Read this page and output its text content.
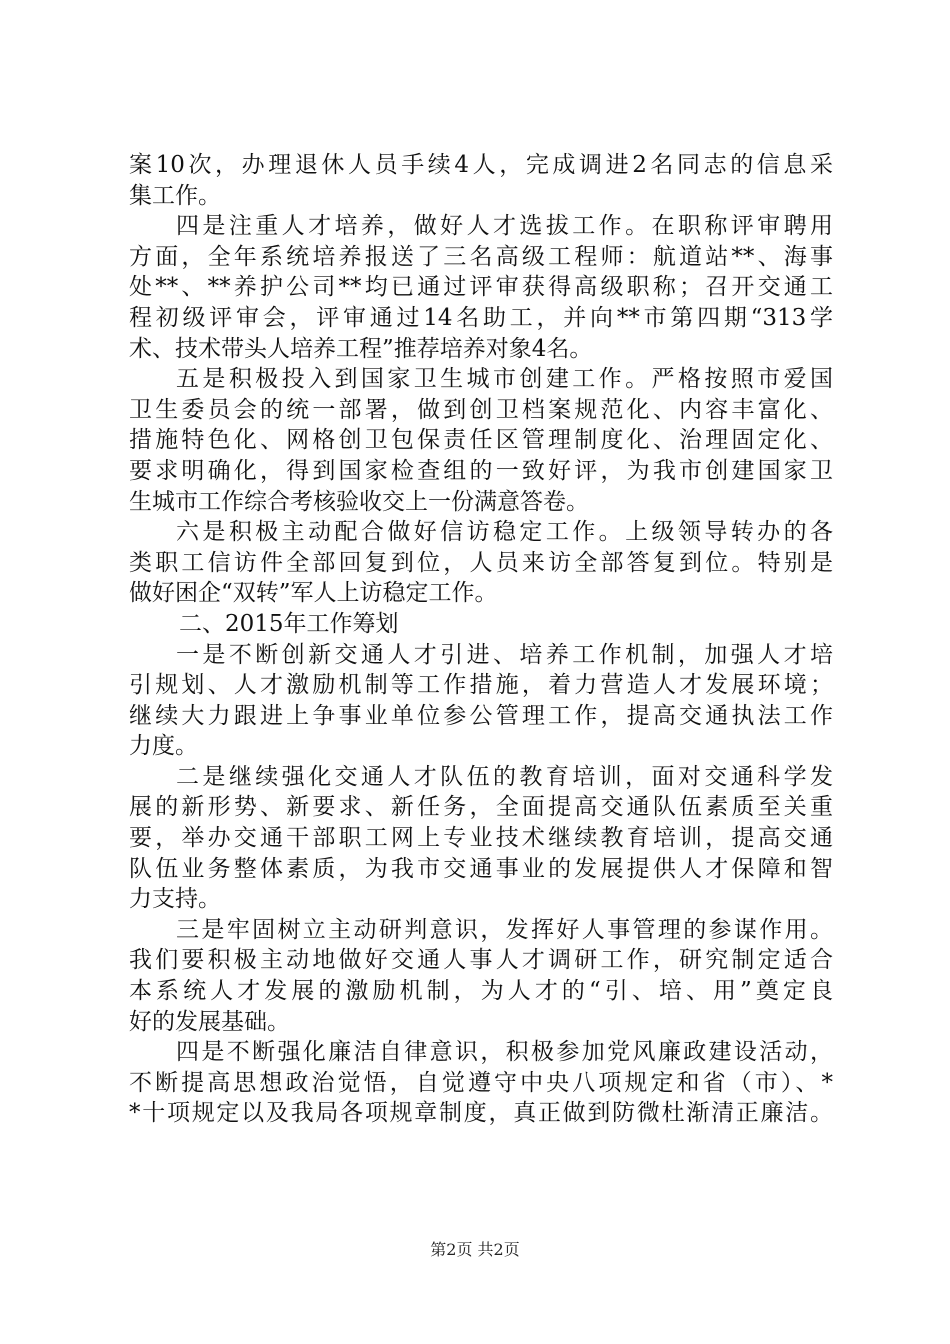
案10次，办理退休人员手续4人，完成调进2名同志的信息采
集工作。
四是注重人才培养，做好人才选拔工作。在职称评审聘用
方面，全年系统培养报送了三名高级工程师：航道站**、海事
处**、**养护公司**均已通过评审获得高级职称；召开交通工
程初级评审会，评审通过14名助工，并向**市第四期“313学
术、技术带头人培养工程”推荐培养对象4名。
五是积极投入到国家卫生城市创建工作。严格按照市爱国
卫生委员会的统一部署，做到创卫档案规范化、内容丰富化、
措施特色化、网格创卫包保责任区管理制度化、治理固定化、
要求明确化，得到国家检查组的一致好评，为我市创建国家卫
生城市工作综合考核验收交上一份满意答卷。
六是积极主动配合做好信访稳定工作。上级领导转办的各
类职工信访件全部回复到位，人员来访全部答复到位。特别是
做好困企“双转”军人上访稳定工作。
二、2015年工作筹划
一是不断创新交通人才引进、培养工作机制，加强人才培
引规划、人才激励机制等工作措施，着力营造人才发展环境；
继续大力跟进上争事业单位参公管理工作，提高交通执法工作
力度。
二是继续强化交通人才队伍的教育培训，面对交通科学发
展的新形势、新要求、新任务，全面提高交通队伍素质至关重
要，举办交通干部职工网上专业技术继续教育培训，提高交通
队伍业务整体素质，为我市交通事业的发展提供人才保障和智
力支持。
三是牢固树立主动研判意识，发挥好人事管理的参谋作用。
我们要积极主动地做好交通人事人才调研工作，研究制定适合
本系统人才发展的激励机制，为人才的“引、培、用”奠定良
好的发展基础。
四是不断强化廉洁自律意识，积极参加党风廉政建设活动，
不断提高思想政治觉悟，自觉遵守中央八项规定和省（市）、*
*十项规定以及我局各项规章制度，真正做到防微杜渐清正廉洁。
第2页 共2页
